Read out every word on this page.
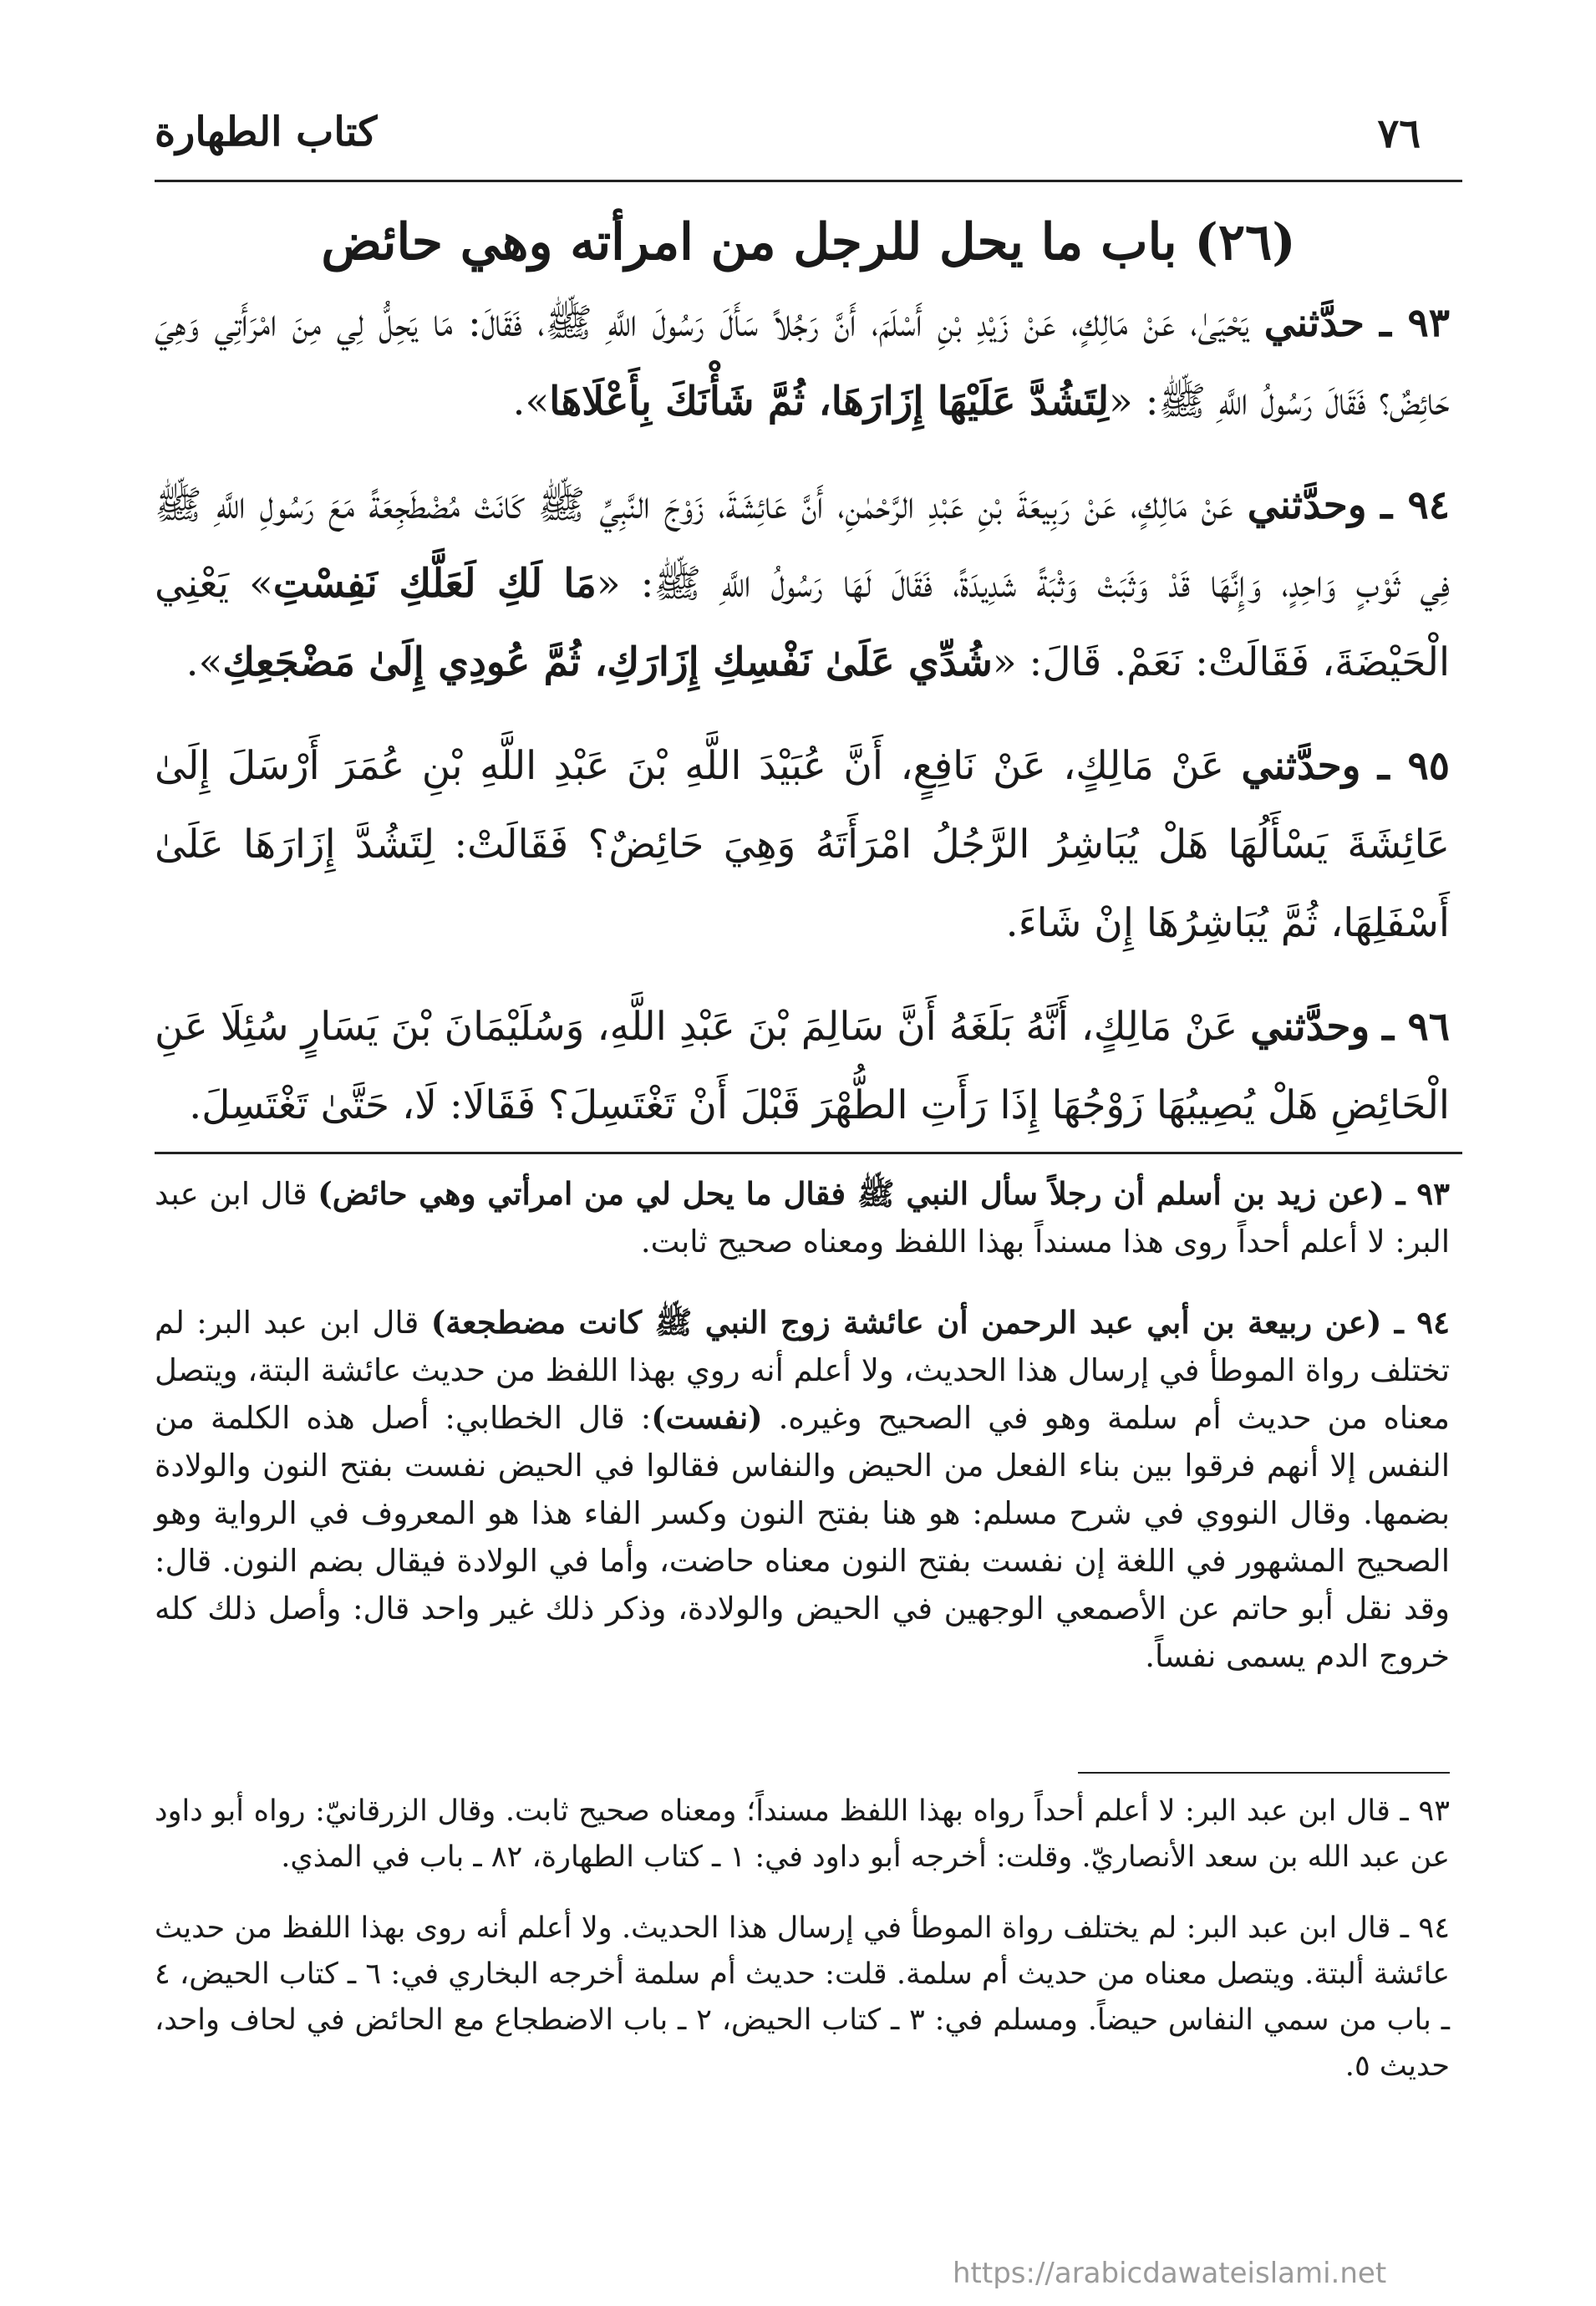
٧٦
كتاب الطهارة
(٢٦) باب ما يحل للرجل من امرأته وهي حائض

٩٣ ـ حدَّثني يَحْيَىٰ، عَنْ مَالِكٍ، عَنْ زَيْدِ بْنِ أَسْلَمَ، أَنَّ رَجُلاً سَأَلَ رَسُولَ اللَّهِ ﷺ، فَقَالَ: مَا يَحِلُّ لِي مِنَ امْرَأَتِي وَهِيَ حَائِضٌ؟ فَقَالَ رَسُولُ اللَّهِ ﷺ: «لِتَشُدَّ عَلَيْهَا إِزَارَهَا، ثُمَّ شَأْنَكَ بِأَعْلَاهَا».

٩٤ ـ وحدَّثني عَنْ مَالِكٍ، عَنْ رَبِيعَةَ بْنِ عَبْدِ الرَّحْمٰنِ، أَنَّ عَائِشَةَ، زَوْجَ النَّبِيِّ ﷺ كَانَتْ مُضْطَجِعَةً مَعَ رَسُولِ اللَّهِ ﷺ فِي ثَوْبٍ وَاحِدٍ، وَإِنَّهَا قَدْ وَثَبَتْ وَثْبَةً شَدِيدَةً، فَقَالَ لَهَا رَسُولُ اللَّهِ ﷺ: «مَا لَكِ لَعَلَّكِ نَفِسْتِ» يَعْنِي الْحَيْضَةَ، فَقَالَتْ: نَعَمْ. قَالَ: «شُدِّي عَلَىٰ نَفْسِكِ إِزَارَكِ، ثُمَّ عُودِي إِلَىٰ مَضْجَعِكِ».

٩٥ ـ وحدَّثني عَنْ مَالِكٍ، عَنْ نَافِعٍ، أَنَّ عُبَيْدَ اللَّهِ بْنَ عَبْدِ اللَّهِ بْنِ عُمَرَ أَرْسَلَ إِلَىٰ عَائِشَةَ يَسْأَلُهَا هَلْ يُبَاشِرُ الرَّجُلُ امْرَأَتَهُ وَهِيَ حَائِضٌ؟ فَقَالَتْ: لِتَشُدَّ إِزَارَهَا عَلَىٰ أَسْفَلِهَا، ثُمَّ يُبَاشِرُهَا إِنْ شَاءَ.

٩٦ ـ وحدَّثني عَنْ مَالِكٍ، أَنَّهُ بَلَغَهُ أَنَّ سَالِمَ بْنَ عَبْدِ اللَّهِ، وَسُلَيْمَانَ بْنَ يَسَارٍ سُئِلَا عَنِ الْحَائِضِ هَلْ يُصِيبُهَا زَوْجُهَا إِذَا رَأَتِ الطُّهْرَ قَبْلَ أَنْ تَغْتَسِلَ؟ فَقَالَا: لَا، حَتَّىٰ تَغْتَسِلَ.

٩٣ ـ (عن زيد بن أسلم أن رجلاً سأل النبي ﷺ فقال ما يحل لي من امرأتي وهي حائض) قال ابن عبد البر: لا أعلم أحداً روى هذا مسنداً بهذا اللفظ ومعناه صحيح ثابت.

٩٤ ـ (عن ربيعة بن أبي عبد الرحمن أن عائشة زوج النبي ﷺ كانت مضطجعة) قال ابن عبد البر: لم تختلف رواة الموطأ في إرسال هذا الحديث، ولا أعلم أنه روي بهذا اللفظ من حديث عائشة البتة، ويتصل معناه من حديث أم سلمة وهو في الصحيح وغيره. (نفست): قال الخطابي: أصل هذه الكلمة من النفس إلا أنهم فرقوا بين بناء الفعل من الحيض والنفاس فقالوا في الحيض نفست بفتح النون والولادة بضمها. وقال النووي في شرح مسلم: هو هنا بفتح النون وكسر الفاء هذا هو المعروف في الرواية وهو الصحيح المشهور في اللغة إن نفست بفتح النون معناه حاضت، وأما في الولادة فيقال بضم النون. قال: وقد نقل أبو حاتم عن الأصمعي الوجهين في الحيض والولادة، وذكر ذلك غير واحد قال: وأصل ذلك كله خروج الدم يسمى نفساً.

٩٣ ـ قال ابن عبد البر: لا أعلم أحداً رواه بهذا اللفظ مسنداً؛ ومعناه صحيح ثابت. وقال الزرقانيّ: رواه أبو داود عن عبد الله بن سعد الأنصاريّ. وقلت: أخرجه أبو داود في: ١ ـ كتاب الطهارة، ٨٢ ـ باب في المذي.

٩٤ ـ قال ابن عبد البر: لم يختلف رواة الموطأ في إرسال هذا الحديث. ولا أعلم أنه روى بهذا اللفظ من حديث عائشة ألبتة. ويتصل معناه من حديث أم سلمة. قلت: حديث أم سلمة أخرجه البخاري في: ٦ ـ كتاب الحيض، ٤ ـ باب من سمي النفاس حيضاً. ومسلم في: ٣ ـ كتاب الحيض، ٢ ـ باب الاضطجاع مع الحائض في لحاف واحد، حديث ٥.

https://arabicdawateislami.net
